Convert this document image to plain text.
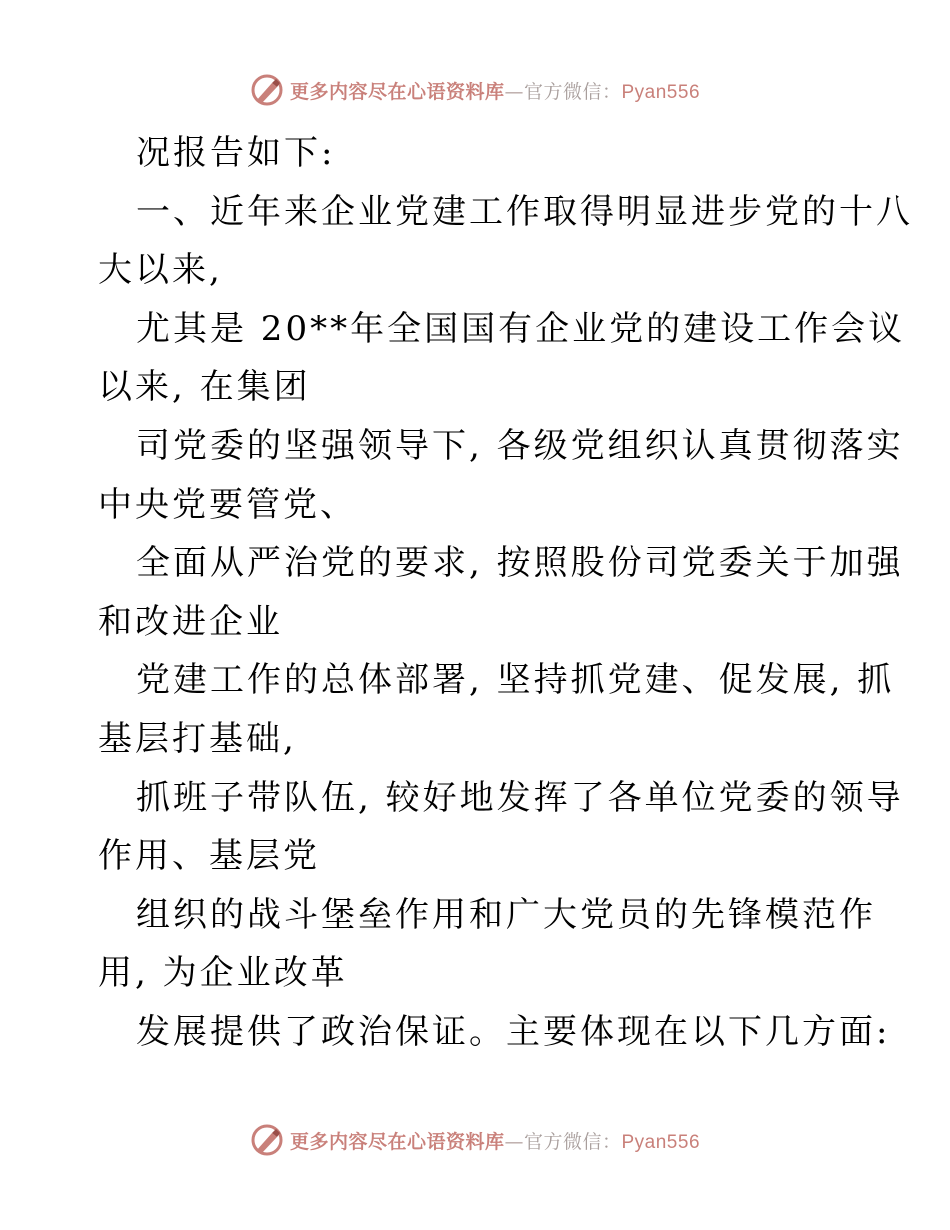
更多内容尽在心语资料库 — 官方微信： Pyan556
况报告如下:
一、近年来企业党建工作取得明显进步党的十八
大以来,
尤其是 20**年全国国有企业党的建设工作会议
以来, 在集团
司党委的坚强领导下, 各级党组织认真贯彻落实
中央党要管党、
全面从严治党的要求, 按照股份司党委关于加强
和改进企业
党建工作的总体部署, 坚持抓党建、促发展, 抓
基层打基础,
抓班子带队伍, 较好地发挥了各单位党委的领导
作用、基层党
组织的战斗堡垒作用和广大党员的先锋模范作
用, 为企业改革
发展提供了政治保证。主要体现在以下几方面:
更多内容尽在心语资料库 — 官方微信： Pyan556
